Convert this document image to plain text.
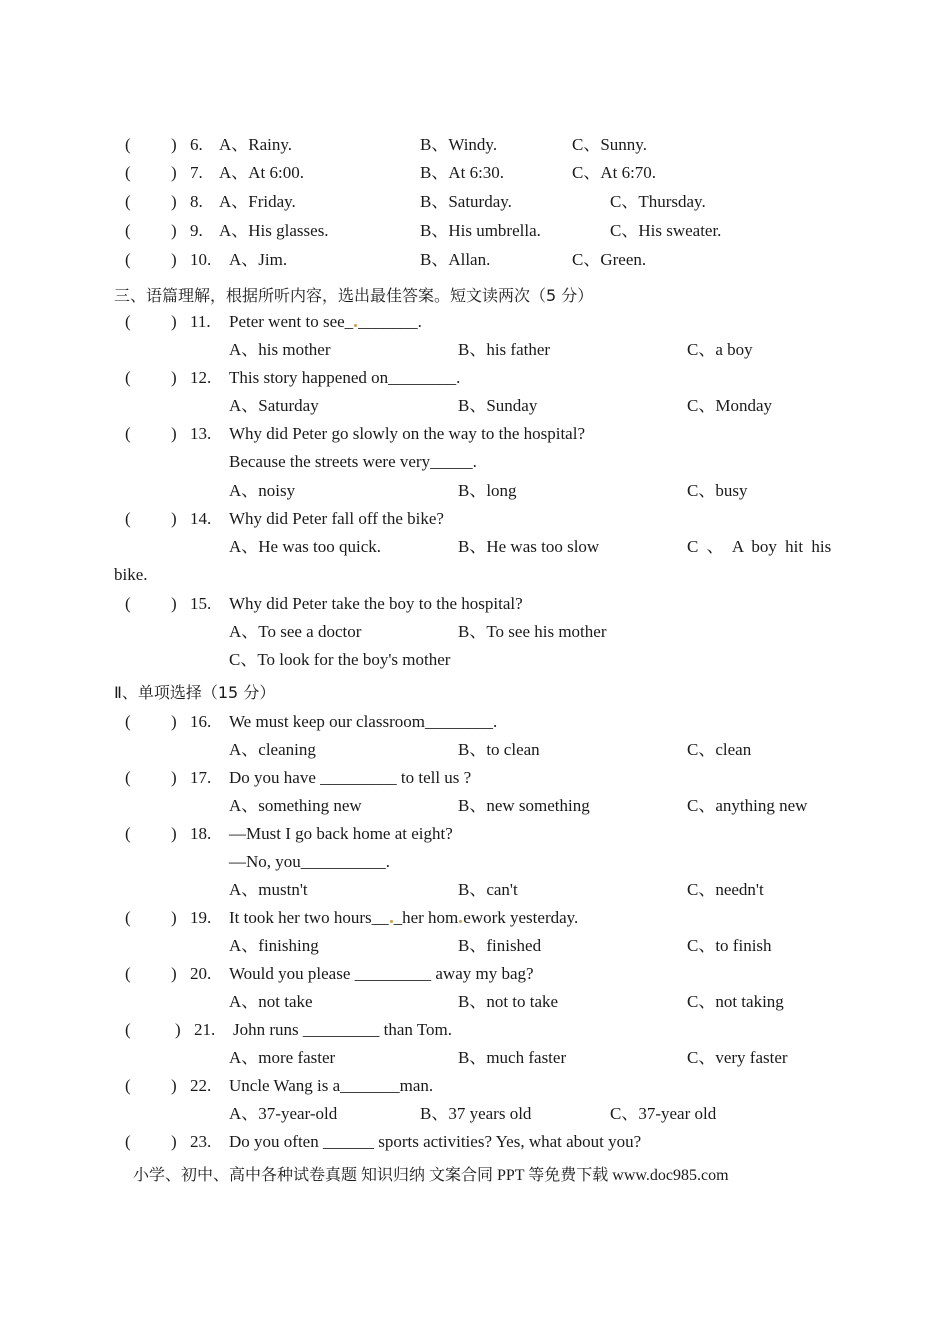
( ) 6. A、Rainy.	B、Windy.	C、Sunny.
( ) 7. A、At 6:00.	B、At 6:30.	C、At 6:70.
( ) 8. A、Friday.	B、Saturday.	C、Thursday.
( ) 9. A、His glasses.	B、His umbrella.	C、His sweater.
( ) 10. A、Jim.	B、Allan.	C、Green.
三、语篇理解，根据所听内容，选出最佳答案。短文读两次（5 分）
( ) 11. Peter went to see_ _______.
A、his mother	B、his father	C、a boy
( ) 12. This story happened on________.
A、Saturday	B、Sunday	C、Monday
( ) 13. Why did Peter go slowly on the way to the hospital?
Because the streets were very_____.
A、noisy	B、long	C、busy
( ) 14. Why did Peter fall off the bike?
A、He was too quick.	B、He was too slow	C 、 A boy hit his
bike.
( ) 15. Why did Peter take the boy to the hospital?
A、To see a doctor	B、To see his mother
C、To look for the boy's mother
Ⅱ、单项选择（15 分）
( ) 16. We must keep our classroom________.
A、cleaning	B、to clean	C、clean
( ) 17. Do you have _________ to tell us ?
A、something new	B、new something	C、anything new
( ) 18. —Must I go back home at eight?
—No, you__________.
A、mustn't	B、can't	C、needn't
( ) 19. It took her two hours__ _her hom ework yesterday.
A、finishing	B、finished	C、to finish
( ) 20. Would you please _________ away my bag?
A、not take	B、not to take	C、not taking
(	) 21. John runs _________ than Tom.
A、more faster	B、much faster	C、very faster
( ) 22. Uncle Wang is a_______man.
A、37-year-old	B、37 years old	C、37-year old
( ) 23. Do you often ______ sports activities? Yes, what about you?
小学、初中、高中各种试卷真题 知识归纳 文案合同 PPT 等免费下载 www.doc985.com
